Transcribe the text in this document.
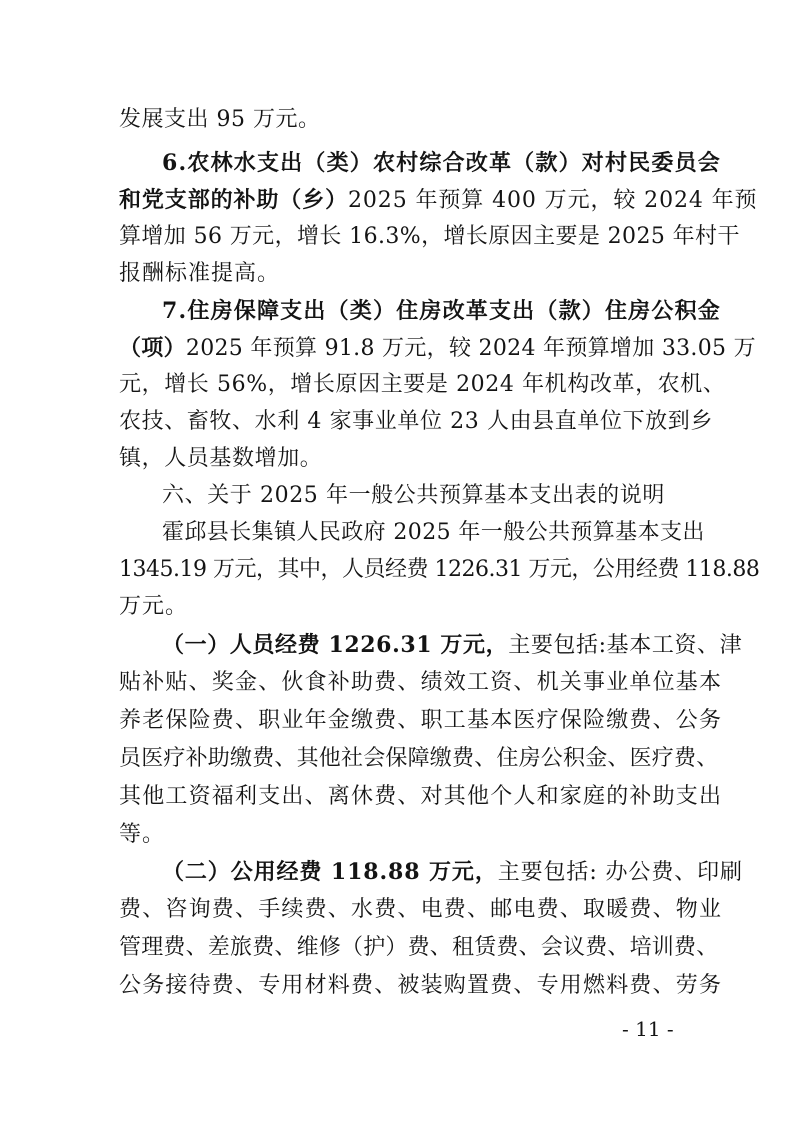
发展支出 95 万元。
6.农林水支出（类）农村综合改革（款）对村民委员会
和党支部的补助（乡）2025 年预算 400 万元，较 2024 年预
算增加 56 万元，增长 16.3%，增长原因主要是 2025 年村干
报酬标准提高。
7.住房保障支出（类）住房改革支出（款）住房公积金
（项）2025 年预算 91.8 万元，较 2024 年预算增加 33.05 万
元，增长 56%，增长原因主要是 2024 年机构改革，农机、
农技、畜牧、水利 4 家事业单位 23 人由县直单位下放到乡
镇，人员基数增加。
六、关于 2025 年一般公共预算基本支出表的说明
霍邱县长集镇人民政府 2025 年一般公共预算基本支出
1345.19 万元，其中，人员经费 1226.31 万元，公用经费 118.88
万元。
（一）人员经费 1226.31 万元，主要包括:基本工资、津
贴补贴、奖金、伙食补助费、绩效工资、机关事业单位基本
养老保险费、职业年金缴费、职工基本医疗保险缴费、公务
员医疗补助缴费、其他社会保障缴费、住房公积金、医疗费、
其他工资福利支出、离休费、对其他个人和家庭的补助支出
等。
（二）公用经费 118.88 万元，主要包括: 办公费、印刷
费、咨询费、手续费、水费、电费、邮电费、取暖费、物业
管理费、差旅费、维修（护）费、租赁费、会议费、培训费、
公务接待费、专用材料费、被装购置费、专用燃料费、劳务
- 11 -
